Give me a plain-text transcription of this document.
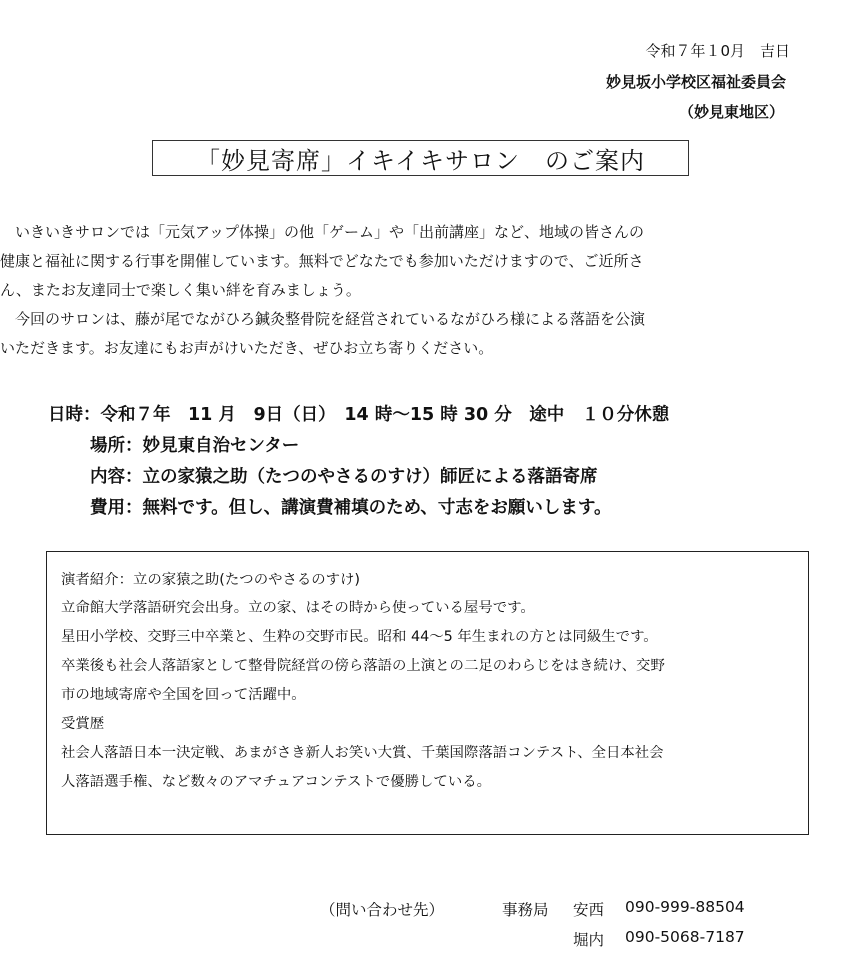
令和７年１0月　吉日
妙見坂小学校区福祉委員会
（妙見東地区）
「妙見寄席」イキイキサロン　のご案内
いきいきサロンでは「元気アップ体操」の他「ゲーム」や「出前講座」など、地域の皆さんの
健康と福祉に関する行事を開催しています。無料でどなたでも参加いただけますので、ご近所さ
ん、またお友達同士で楽しく集い絆を育みましょう。
今回のサロンは、藤が尾でながひろ鍼灸整骨院を経営されているながひろ様による落語を公演
いただきます。お友達にもお声がけいただき、ぜひお立ち寄りください。
日時：令和７年　11 月　9日（日）　14 時～15 時 30 分　途中　１０分休憩
場所：妙見東自治センター
内容：立の家猿之助（たつのやさるのすけ）師匠による落語寄席
費用：無料です。但し、講演費補填のため、寸志をお願いします。
演者紹介：立の家猿之助(たつのやさるのすけ)
立命館大学落語研究会出身。立の家、はその時から使っている屋号です。
星田小学校、交野三中卒業と、生粋の交野市民。昭和 44～5 年生まれの方とは同級生です。
卒業後も社会人落語家として整骨院経営の傍ら落語の上演との二足のわらじをはき続け、交野
市の地域寄席や全国を回って活躍中。
受賞歴
社会人落語日本一決定戦、あまがさき新人お笑い大賞、千葉国際落語コンテスト、全日本社会
人落語選手権、など数々のアマチュアコンテストで優勝している。
（問い合わせ先）	事務局 安西 090-999-88504
堀内 090-5068-7187
